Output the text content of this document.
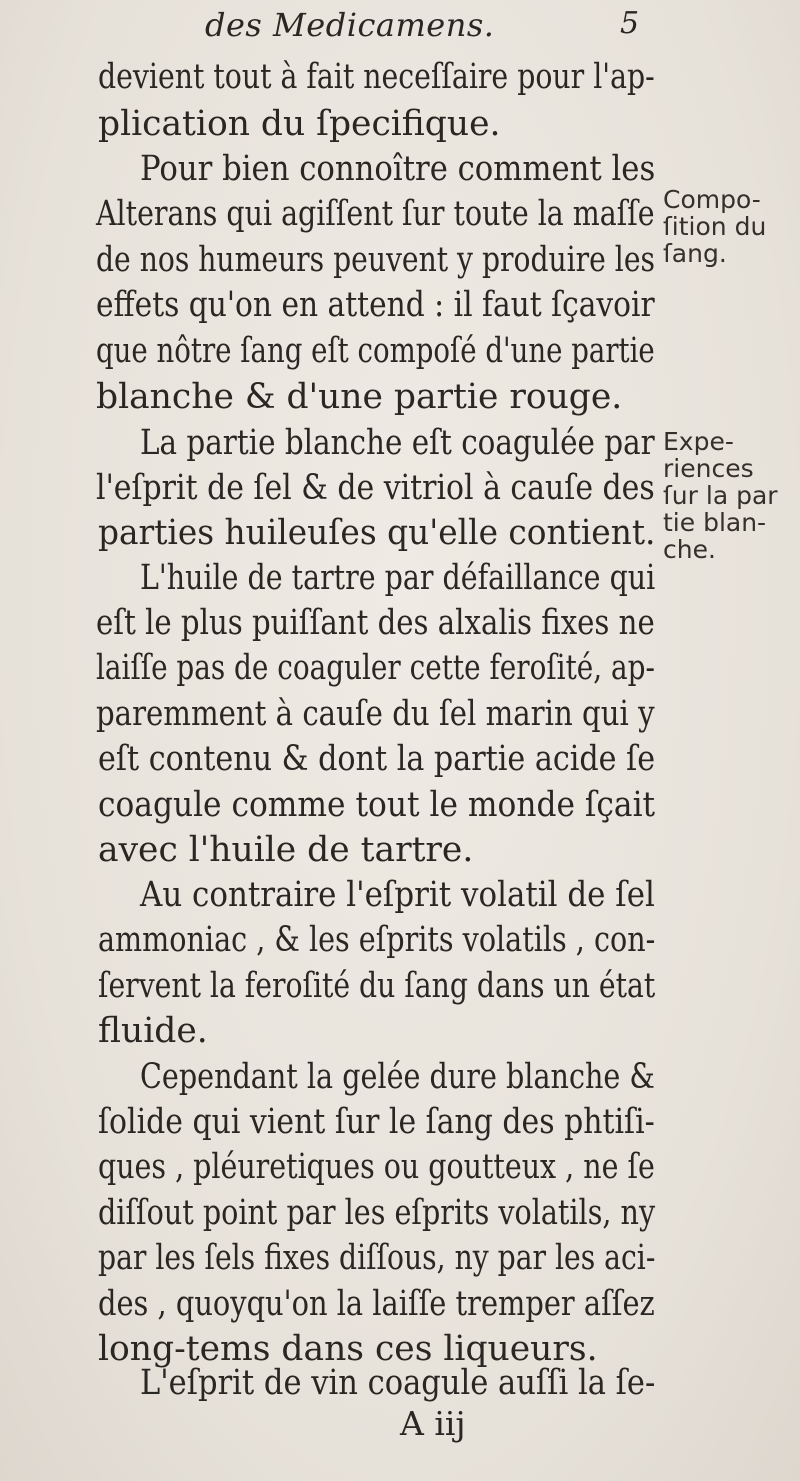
des Medicamens.	5
devient tout à fait neceſſaire pour l'ap-
plication du ſpecifique.
Pour bien connoître comment les
Alterans qui agiſſent ſur toute la maſſe
de nos humeurs peuvent y produire les
effets qu'on en attend : il faut ſçavoir
que nôtre ſang eſt compoſé d'une partie
blanche & d'une partie rouge.
La partie blanche eſt coagulée par
l'eſprit de ſel & de vitriol à cauſe des
parties huileuſes qu'elle contient.
L'huile de tartre par défaillance qui
eſt le plus puiſſant des alxalis fixes ne
laiſſe pas de coaguler cette feroſité, ap-
paremment à cauſe du ſel marin qui y
eſt contenu & dont la partie acide ſe
coagule comme tout le monde ſçait
avec l'huile de tartre.
Au contraire l'eſprit volatil de ſel
ammoniac , & les eſprits volatils , con-
ſervent la feroſité du ſang dans un état
fluide.
Cependant la gelée dure blanche &
ſolide qui vient ſur le ſang des phtiſi-
ques , pléuretiques ou goutteux , ne ſe
diſſout point par les eſprits volatils, ny
par les ſels fixes diſſous, ny par les aci-
des , quoyqu'on la laiſſe tremper aſſez
long-tems dans ces liqueurs.
L'eſprit de vin coagule auſſi la ſe-
Compo-
ſition du
ſang.
Expe-
riences
ſur la par
tie blan-
che.
A iij
